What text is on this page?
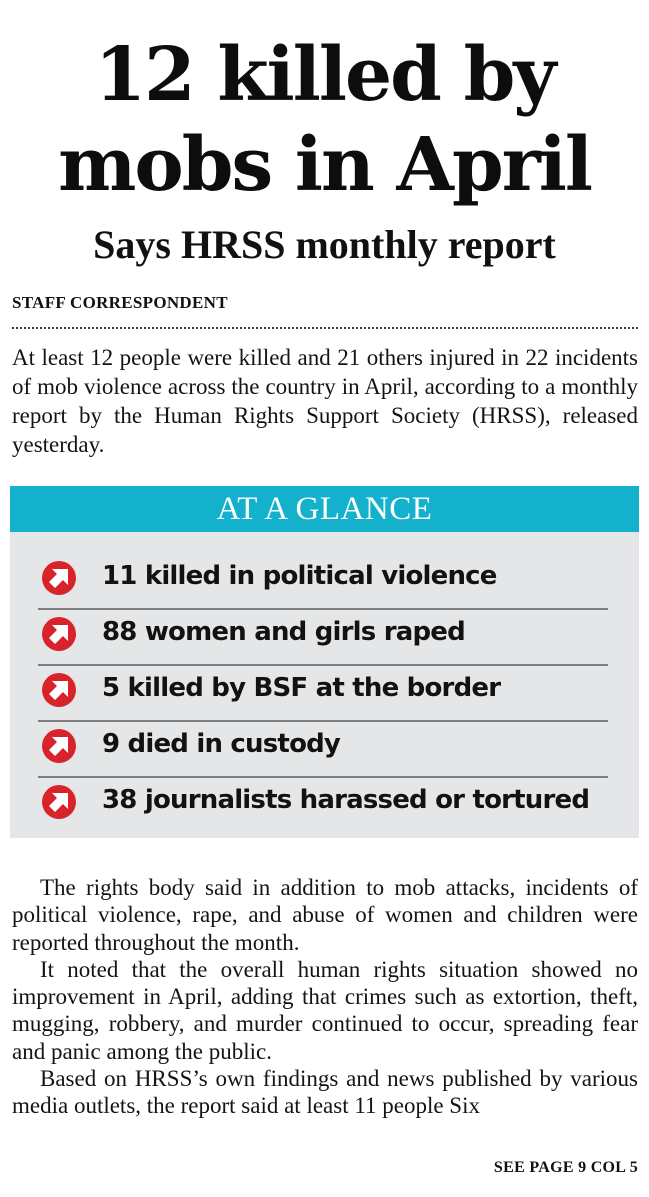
12 killed by
mobs in April
Says HRSS monthly report
STAFF CORRESPONDENT

At least 12 people were killed and 21 others injured in 22 incidents of mob violence across the country in April, according to a monthly report by the Human Rights Support Society (HRSS), released yesterday.

AT A GLANCE
11 killed in political violence
88 women and girls raped
5 killed by BSF at the border
9 died in custody
38 journalists harassed or tortured

The rights body said in addition to mob attacks, incidents of political violence, rape, and abuse of women and children were reported throughout the month.

It noted that the overall human rights situation showed no improvement in April, adding that crimes such as extortion, theft, mugging, robbery, and murder continued to occur, spreading fear and panic among the public.

Based on HRSS’s own findings and news published by various media outlets, the report said at least 11 people Six

SEE PAGE 9 COL 5
